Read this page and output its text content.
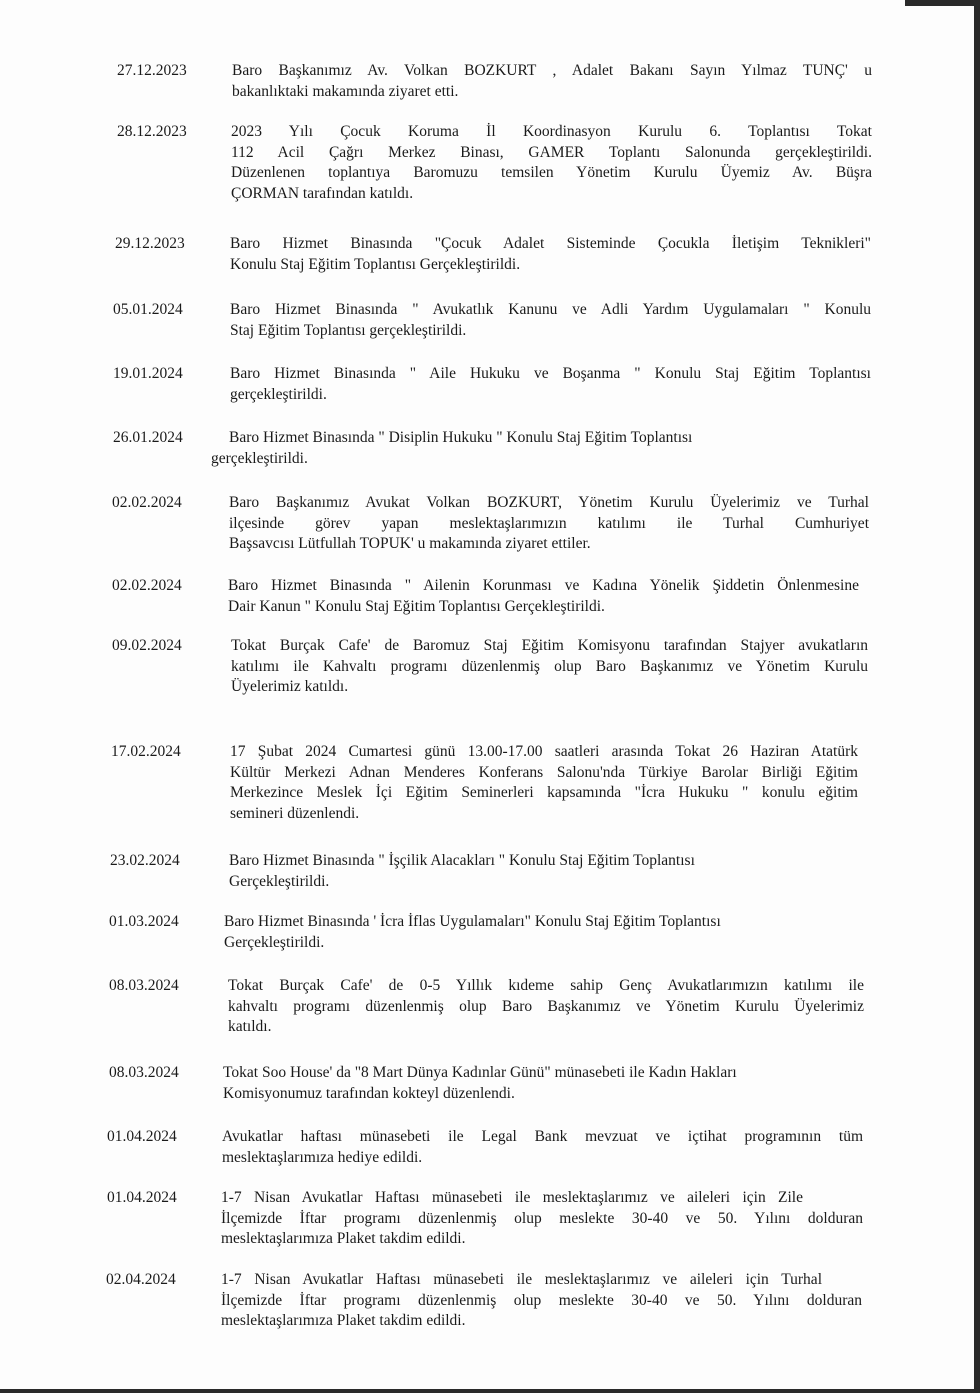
27.12.2023	Baro Başkanımız Av. Volkan BOZKURT , Adalet Bakanı Sayın Yılmaz TUNÇ' u
bakanlıktaki makamında ziyaret etti.
28.12.2023	2023 Yılı Çocuk Koruma İl Koordinasyon Kurulu 6. Toplantısı Tokat
112 Acil Çağrı Merkez Binası, GAMER Toplantı Salonunda gerçekleştirildi.
Düzenlenen toplantıya Baromuzu temsilen Yönetim Kurulu Üyemiz Av. Büşra
ÇORMAN tarafından katıldı.
29.12.2023	Baro Hizmet Binasında "Çocuk Adalet Sisteminde Çocukla İletişim Teknikleri"
Konulu Staj Eğitim Toplantısı Gerçekleştirildi.
05.01.2024	Baro Hizmet Binasında " Avukatlık Kanunu ve Adli Yardım Uygulamaları " Konulu
Staj Eğitim Toplantısı gerçekleştirildi.
19.01.2024	Baro Hizmet Binasında " Aile Hukuku ve Boşanma " Konulu Staj Eğitim Toplantısı
gerçekleştirildi.
26.01.2024	Baro Hizmet Binasında " Disiplin Hukuku " Konulu Staj Eğitim Toplantısı
gerçekleştirildi.
02.02.2024	Baro Başkanımız Avukat Volkan BOZKURT, Yönetim Kurulu Üyelerimiz ve Turhal
ilçesinde görev yapan meslektaşlarımızın katılımı ile Turhal Cumhuriyet
Başsavcısı Lütfullah TOPUK' u makamında ziyaret ettiler.
02.02.2024	Baro Hizmet Binasında " Ailenin Korunması ve Kadına Yönelik Şiddetin Önlenmesine
Dair Kanun " Konulu Staj Eğitim Toplantısı Gerçekleştirildi.
09.02.2024	Tokat Burçak Cafe' de Baromuz Staj Eğitim Komisyonu tarafından Stajyer avukatların
katılımı ile Kahvaltı programı düzenlenmiş olup Baro Başkanımız ve Yönetim Kurulu
Üyelerimiz katıldı.
17.02.2024	17 Şubat 2024 Cumartesi günü 13.00-17.00 saatleri arasında Tokat 26 Haziran Atatürk
Kültür Merkezi Adnan Menderes Konferans Salonu'nda Türkiye Barolar Birliği Eğitim
Merkezince Meslek İçi Eğitim Seminerleri kapsamında "İcra Hukuku " konulu eğitim
semineri düzenlendi.
23.02.2024	Baro Hizmet Binasında " İşçilik Alacakları " Konulu Staj Eğitim Toplantısı
Gerçekleştirildi.
01.03.2024	Baro Hizmet Binasında ' İcra İflas Uygulamaları" Konulu Staj Eğitim Toplantısı
Gerçekleştirildi.
08.03.2024	Tokat Burçak Cafe' de 0-5 Yıllık kıdeme sahip Genç Avukatlarımızın katılımı ile
kahvaltı programı düzenlenmiş olup Baro Başkanımız ve Yönetim Kurulu Üyelerimiz
katıldı.
08.03.2024	Tokat Soo House' da "8 Mart Dünya Kadınlar Günü" münasebeti ile Kadın Hakları
Komisyonumuz tarafından kokteyl düzenlendi.
01.04.2024	Avukatlar haftası münasebeti ile Legal Bank mevzuat ve içtihat programının tüm
meslektaşlarımıza hediye edildi.
01.04.2024	1-7 Nisan Avukatlar Haftası münasebeti ile meslektaşlarımız ve aileleri için Zile
İlçemizde İftar programı düzenlenmiş olup meslekte 30-40 ve 50. Yılını dolduran
meslektaşlarımıza Plaket takdim edildi.
02.04.2024	1-7 Nisan Avukatlar Haftası münasebeti ile meslektaşlarımız ve aileleri için Turhal
İlçemizde İftar programı düzenlenmiş olup meslekte 30-40 ve 50. Yılını dolduran
meslektaşlarımıza Plaket takdim edildi.
